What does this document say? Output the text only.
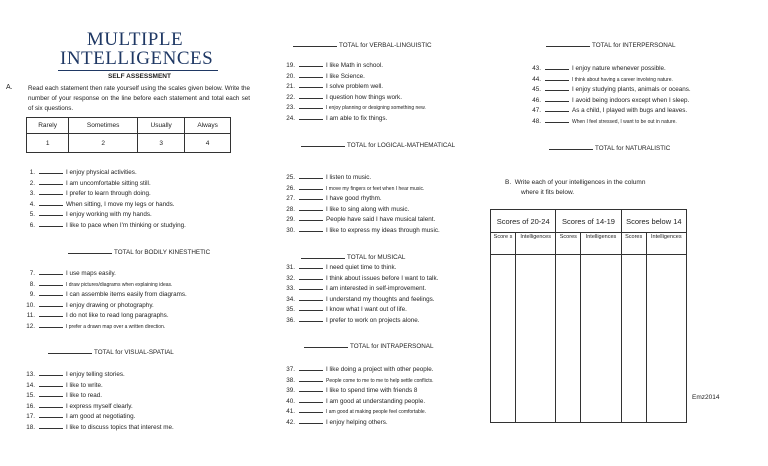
MULTIPLE
INTELLIGENCES
SELF ASSESSMENT
A. Read each statement then rate yourself using the scales given below. Write the number of your response on the line before each statement and total each set of six questions.
Rarely	Sometimes	Usually	Always
1	2	3	4
1.	I enjoy physical activities.
2.	I am uncomfortable sitting still.
3.	I prefer to learn through doing.
4.	When sitting, I move my legs or hands.
5.	I enjoy working with my hands.
6.	I like to pace when I'm thinking or studying.
TOTAL for BODILY KINESTHETIC
7.	I use maps easily.
8.	I draw pictures/diagrams when explaining ideas.
9.	I can assemble items easily from diagrams.
10.	I enjoy drawing or photography.
11.	I do not like to read long paragraphs.
12.	I prefer a drawn map over a written direction.
TOTAL for VISUAL-SPATIAL
13.	I enjoy telling stories.
14.	I like to write.
15.	I like to read.
16.	I express myself clearly.
17.	I am good at negotiating.
18.	I like to discuss topics that interest me.
TOTAL for VERBAL-LINGUISTIC
19.	I like Math in school.
20.	I like Science.
21.	I solve problem well.
22.	I question how things work.
23.	I enjoy planning or designing something new.
24.	I am able to fix things.
TOTAL for LOGICAL-MATHEMATICAL
25.	I listen to music.
26.	I move my fingers or feet when I hear music.
27.	I have good rhythm.
28.	I like to sing along with music.
29.	People have said I have musical talent.
30.	I like to express my ideas through music.
TOTAL for MUSICAL
31.	I need quiet time to think.
32.	I think about issues before I want to talk.
33.	I am interested in self-improvement.
34.	I understand my thoughts and feelings.
35.	I know what I want out of life.
36.	I prefer to work on projects alone.
TOTAL for INTRAPERSONAL
37.	I like doing a project with other people.
38.	People come to me to me to help settle conflicts.
39.	I like to spend time with friends 8
40.	I am good at understanding people.
41.	I am good at making people feel comfortable.
42.	I enjoy helping others.
TOTAL for INTERPERSONAL
43.	I enjoy nature whenever possible.
44.	I think about having a career involving nature.
45.	I enjoy studying plants, animals or oceans.
46.	I avoid being indoors except when I sleep.
47.	As a child, I played with bugs and leaves.
48.	When I feel stressed, I want to be out in nature.
TOTAL for NATURALISTIC
B. Write each of your intelligences in the column
where it fits below.
Scores of 20-24		Scores of 14-19		Scores below 14	
Score s	Intelligences	Scores	Intelligences	Scores	Intelligences

Emz2014
